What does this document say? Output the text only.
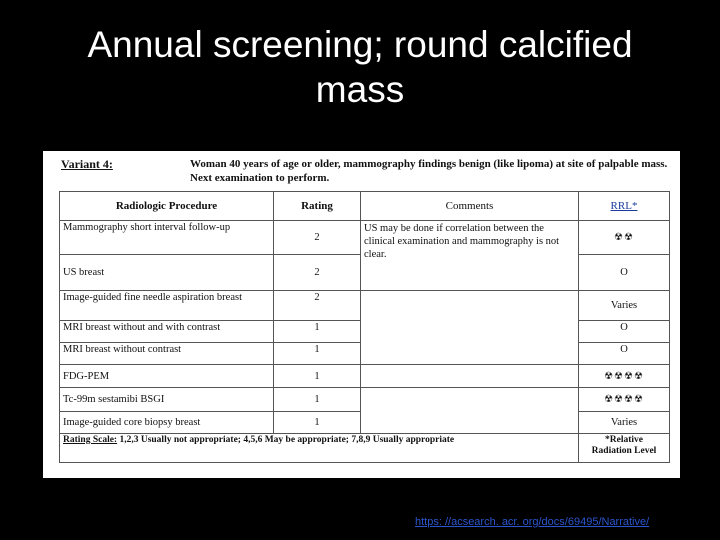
Annual screening; round calcified
mass
Variant 4:	Woman 40 years of age or older, mammography findings benign (like lipoma) at site of palpable mass. Next examination to perform.
Radiologic Procedure	Rating	Comments	RRL*
Mammography short interval follow-up	2	US may be done if correlation between the clinical examination and mammography is not clear.	☢☢
US breast	2		O
Image-guided fine needle aspiration breast	2		Varies
MRI breast without and with contrast	1		O
MRI breast without contrast	1		O
FDG-PEM	1		☢☢☢☢
Tc-99m sestamibi BSGI	1		☢☢☢☢
Image-guided core biopsy breast	1		Varies
Rating Scale: 1,2,3 Usually not appropriate; 4,5,6 May be appropriate; 7,8,9 Usually appropriate			*Relative
Radiation Level
https: //acsearch. acr. org/docs/69495/Narrative/
